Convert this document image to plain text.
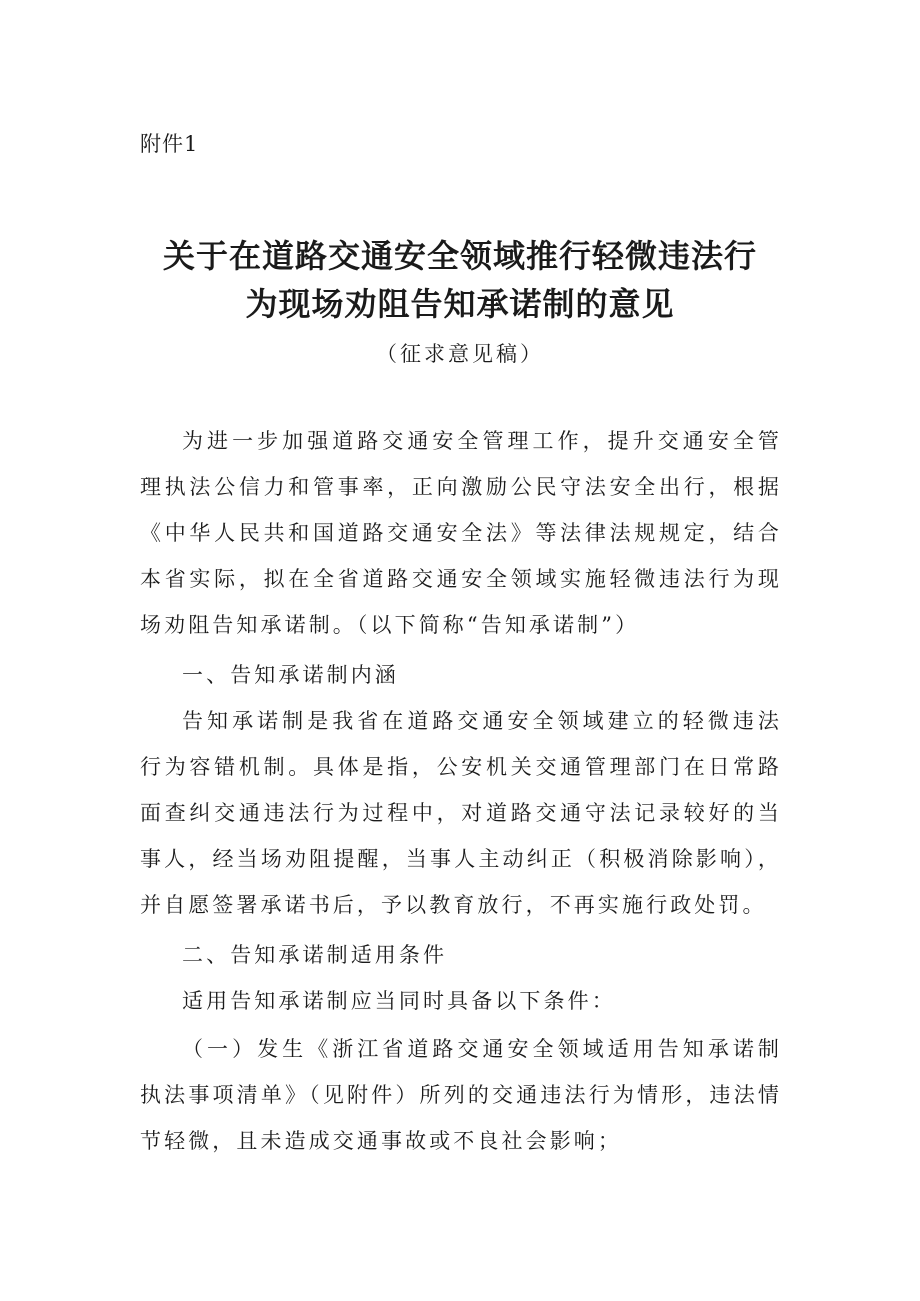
附件1
关于在道路交通安全领域推行轻微违法行
为现场劝阻告知承诺制的意见
（征求意见稿）
为进一步加强道路交通安全管理工作，提升交通安全管理执法公信力和管事率，正向激励公民守法安全出行，根据《中华人民共和国道路交通安全法》等法律法规规定，结合本省实际，拟在全省道路交通安全领域实施轻微违法行为现场劝阻告知承诺制。（以下简称“告知承诺制”）
一、告知承诺制内涵
告知承诺制是我省在道路交通安全领域建立的轻微违法行为容错机制。具体是指，公安机关交通管理部门在日常路面查纠交通违法行为过程中，对道路交通守法记录较好的当事人，经当场劝阻提醒，当事人主动纠正（积极消除影响），并自愿签署承诺书后，予以教育放行，不再实施行政处罚。
二、告知承诺制适用条件
适用告知承诺制应当同时具备以下条件：
（一）发生《浙江省道路交通安全领域适用告知承诺制执法事项清单》（见附件）所列的交通违法行为情形，违法情节轻微，且未造成交通事故或不良社会影响；
